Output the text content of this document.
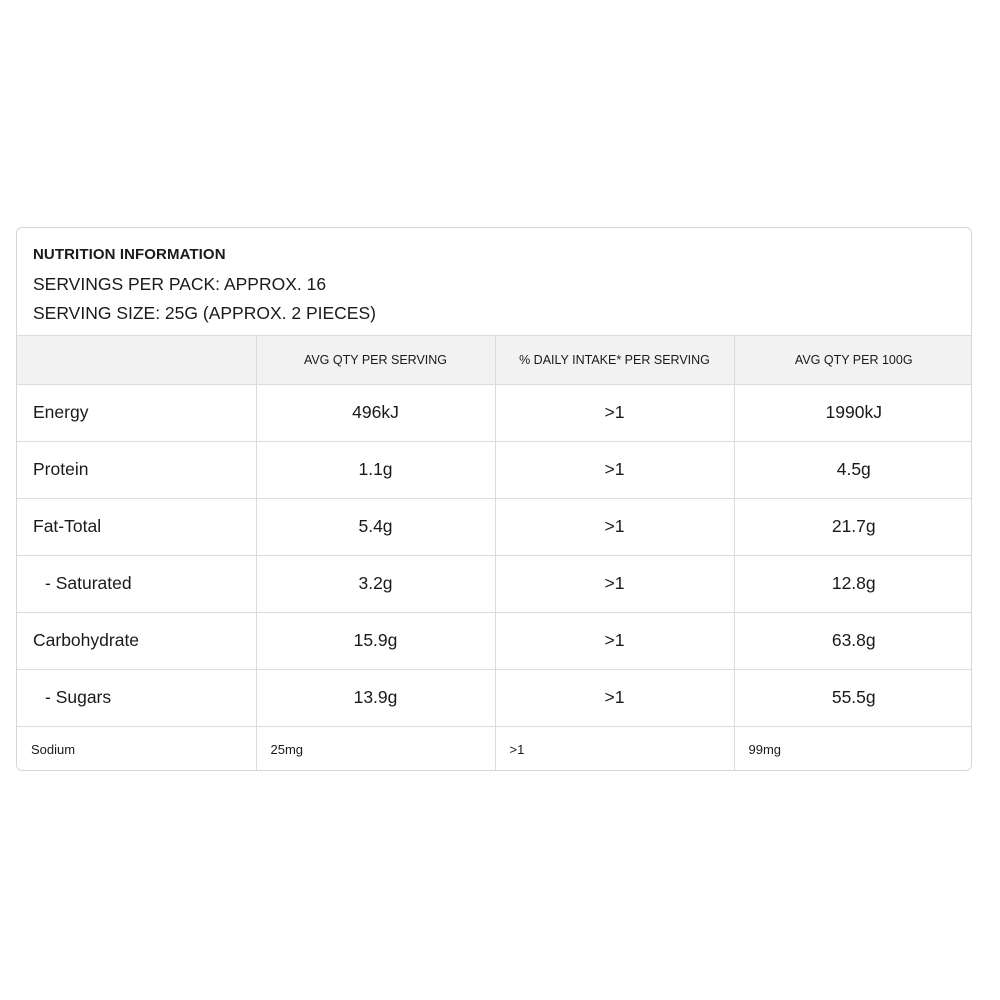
NUTRITION INFORMATION
SERVINGS PER PACK: APPROX. 16
SERVING SIZE: 25G (APPROX. 2 PIECES)
	AVG QTY PER SERVING	% DAILY INTAKE* PER SERVING	AVG QTY PER 100G
Energy	496kJ	>1	1990kJ
Protein	1.1g	>1	4.5g
Fat-Total	5.4g	>1	21.7g
- Saturated	3.2g	>1	12.8g
Carbohydrate	15.9g	>1	63.8g
- Sugars	13.9g	>1	55.5g
Sodium	25mg	>1	99mg
